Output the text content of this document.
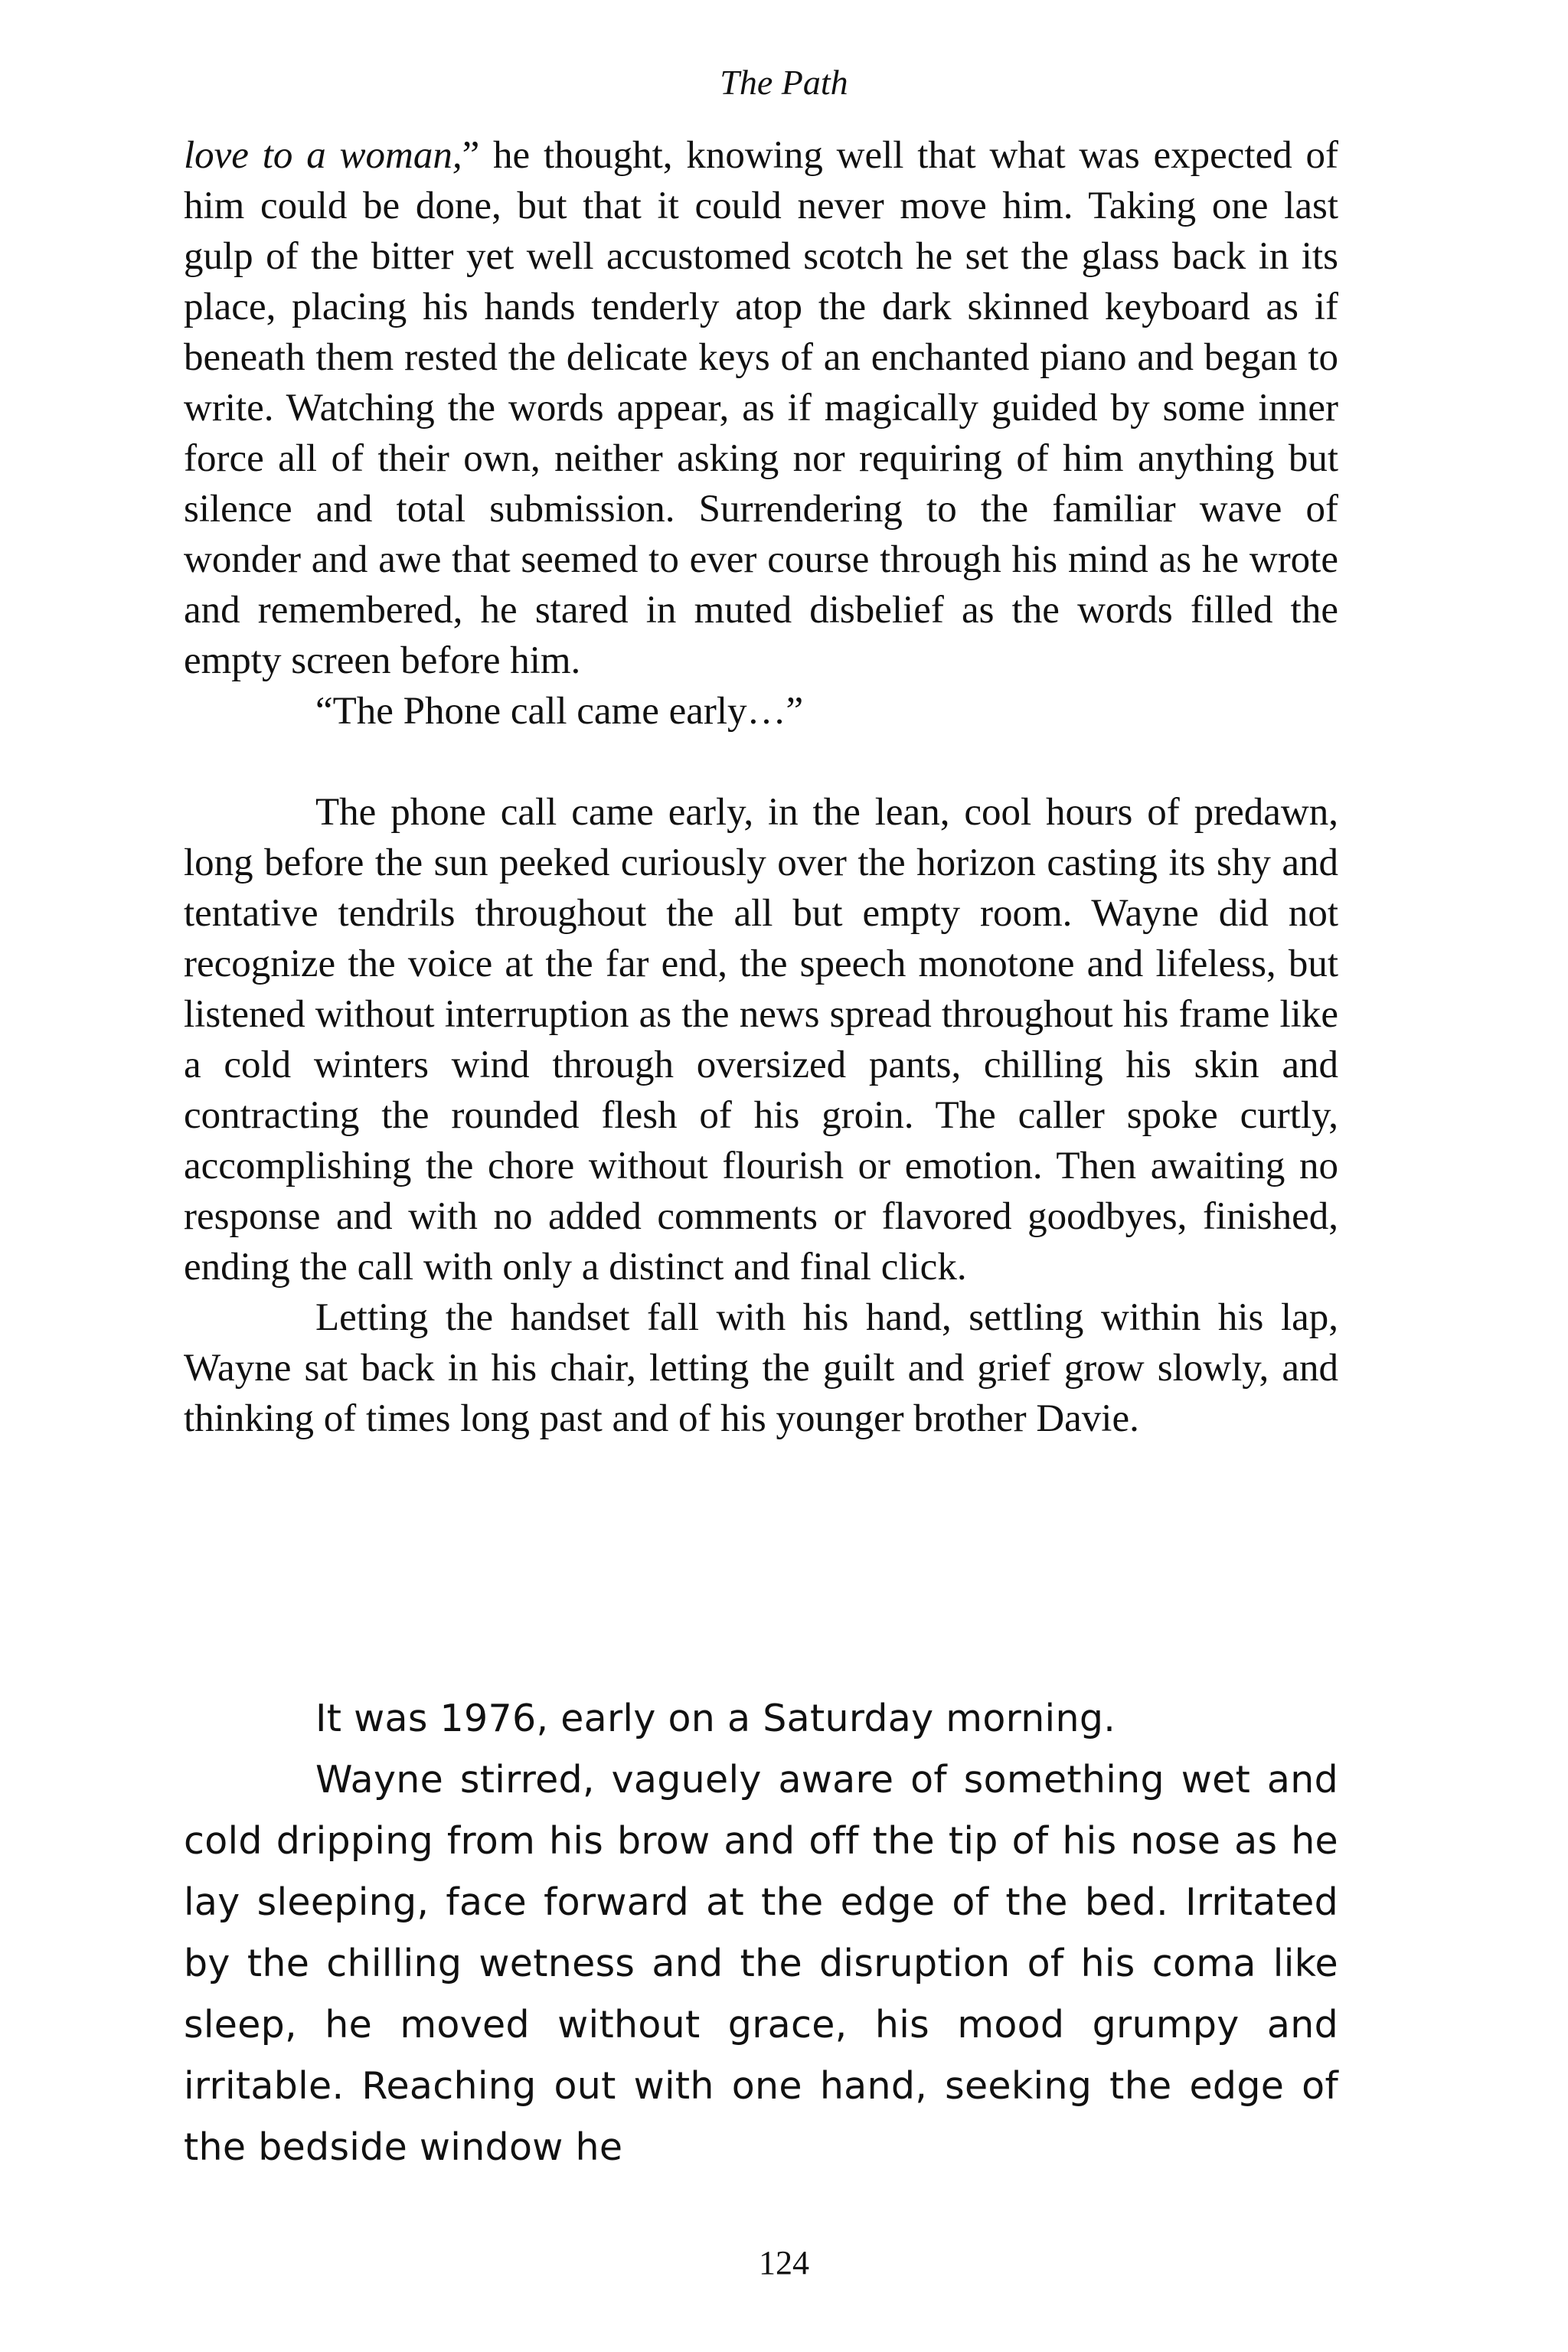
The Path

love to a woman,” he thought, knowing well that what was expected of him could be done, but that it could never move him. Taking one last gulp of the bitter yet well accustomed scotch he set the glass back in its place, placing his hands tenderly atop the dark skinned keyboard as if beneath them rested the delicate keys of an enchanted piano and began to write. Watching the words appear, as if magically guided by some inner force all of their own, neither asking nor requiring of him anything but silence and total submission. Surrendering to the familiar wave of wonder and awe that seemed to ever course through his mind as he wrote and remembered, he stared in muted disbelief as the words filled the empty screen before him.

“The Phone call came early…”

The phone call came early, in the lean, cool hours of predawn, long before the sun peeked curiously over the horizon casting its shy and tentative tendrils throughout the all but empty room. Wayne did not recognize the voice at the far end, the speech monotone and lifeless, but listened without interruption as the news spread throughout his frame like a cold winters wind through oversized pants, chilling his skin and contracting the rounded flesh of his groin. The caller spoke curtly, accomplishing the chore without flourish or emotion. Then awaiting no response and with no added comments or flavored goodbyes, finished, ending the call with only a distinct and final click.

Letting the handset fall with his hand, settling within his lap, Wayne sat back in his chair, letting the guilt and grief grow slowly, and thinking of times long past and of his younger brother Davie.

It was 1976, early on a Saturday morning.

Wayne stirred, vaguely aware of something wet and cold dripping from his brow and off the tip of his nose as he lay sleeping, face forward at the edge of the bed. Irritated by the chilling wetness and the disruption of his coma like sleep, he moved without grace, his mood grumpy and irritable. Reaching out with one hand, seeking the edge of the bedside window he

124
